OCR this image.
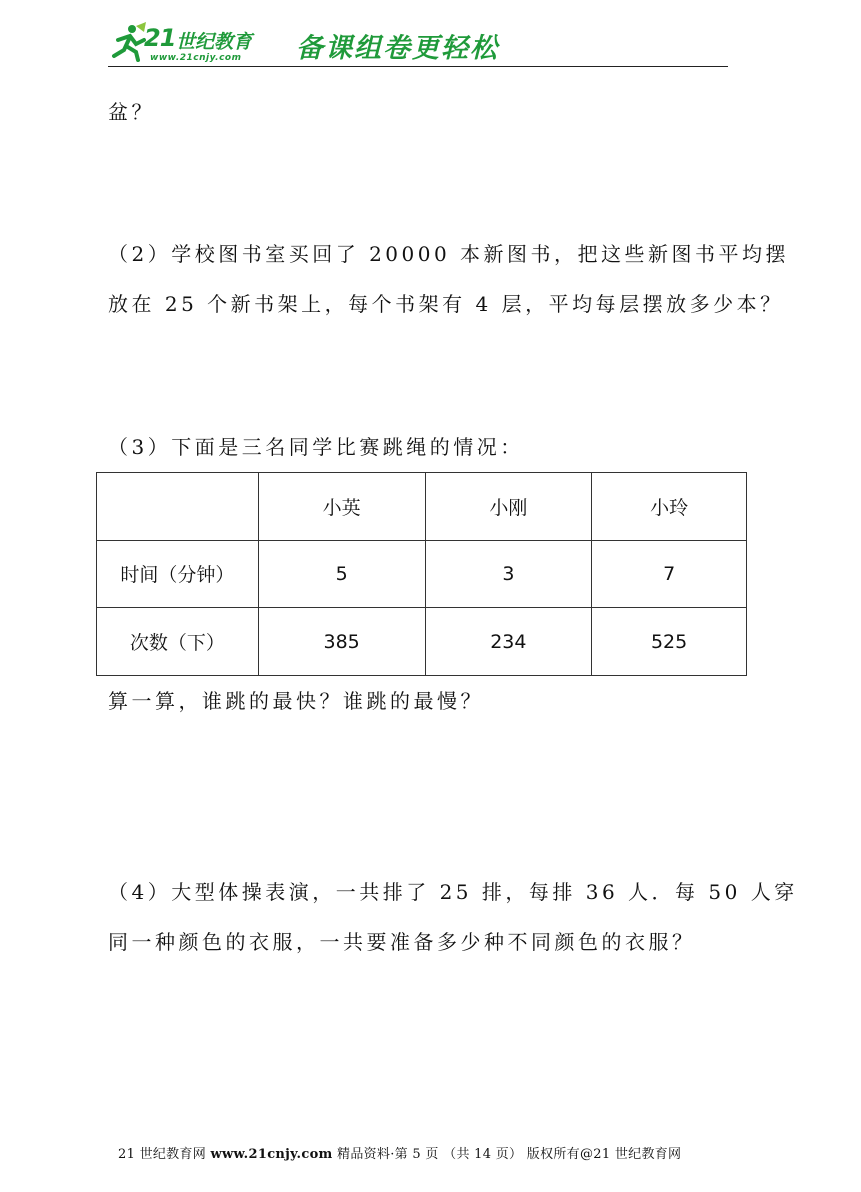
21 世纪教育
www.21cnjy.com 备课组卷更轻松
盆？
（2）学校图书室买回了 20000 本新图书，把这些新图书平均摆
放在 25 个新书架上，每个书架有 4 层，平均每层摆放多少本？
（3）下面是三名同学比赛跳绳的情况：
	小英	小刚	小玲
时间（分钟）	5	3	7
次数（下）	385	234	525
算一算，谁跳的最快？谁跳的最慢？
（4）大型体操表演，一共排了 25 排，每排 36 人．每 50 人穿
同一种颜色的衣服，一共要准备多少种不同颜色的衣服？
21 世纪教育网 www.21cnjy.com 精品资料·第 5 页 （共 14 页） 版权所有@21 世纪教育网
